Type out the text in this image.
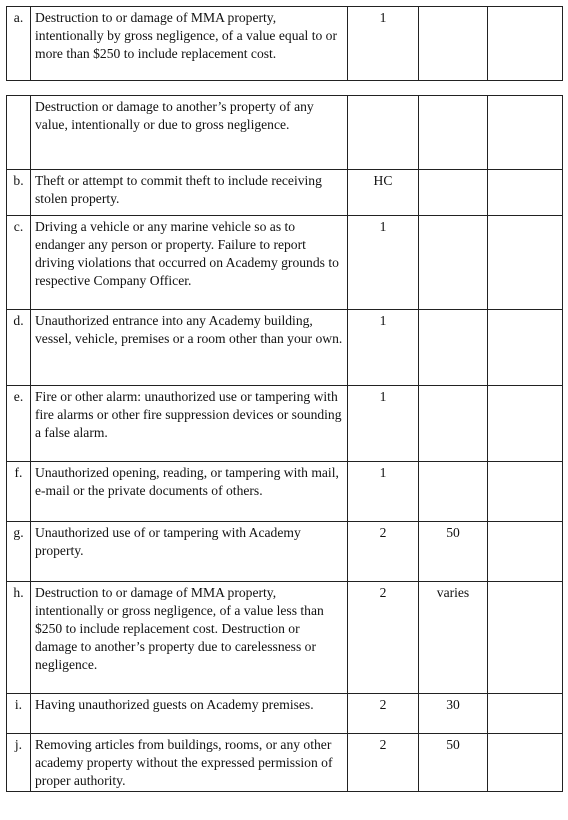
a.	Destruction to or damage of MMA property, intentionally by gross negligence, of a value equal to or more than $250 to include replacement cost.	1		
	Destruction or damage to another’s property of any value, intentionally or due to gross negligence.			
b.	Theft or attempt to commit theft to include receiving stolen property.	HC		
c.	Driving a vehicle or any marine vehicle so as to endanger any person or property. Failure to report driving violations that occurred on Academy grounds to respective Company Officer.	1		
d.	Unauthorized entrance into any Academy building, vessel, vehicle, premises or a room other than your own.	1		
e.	Fire or other alarm: unauthorized use or tampering with fire alarms or other fire suppression devices or sounding a false alarm.	1		
f.	Unauthorized opening, reading, or tampering with mail, e-mail or the private documents of others.	1		
g.	Unauthorized use of or tampering with Academy property.	2	50	
h.	Destruction to or damage of MMA property, intentionally or gross negligence, of a value less than $250 to include replacement cost. Destruction or damage to another’s property due to carelessness or negligence.	2	varies	
i.	Having unauthorized guests on Academy premises.	2	30	
j.	Removing articles from buildings, rooms, or any other academy property without the expressed permission of proper authority.	2	50	
